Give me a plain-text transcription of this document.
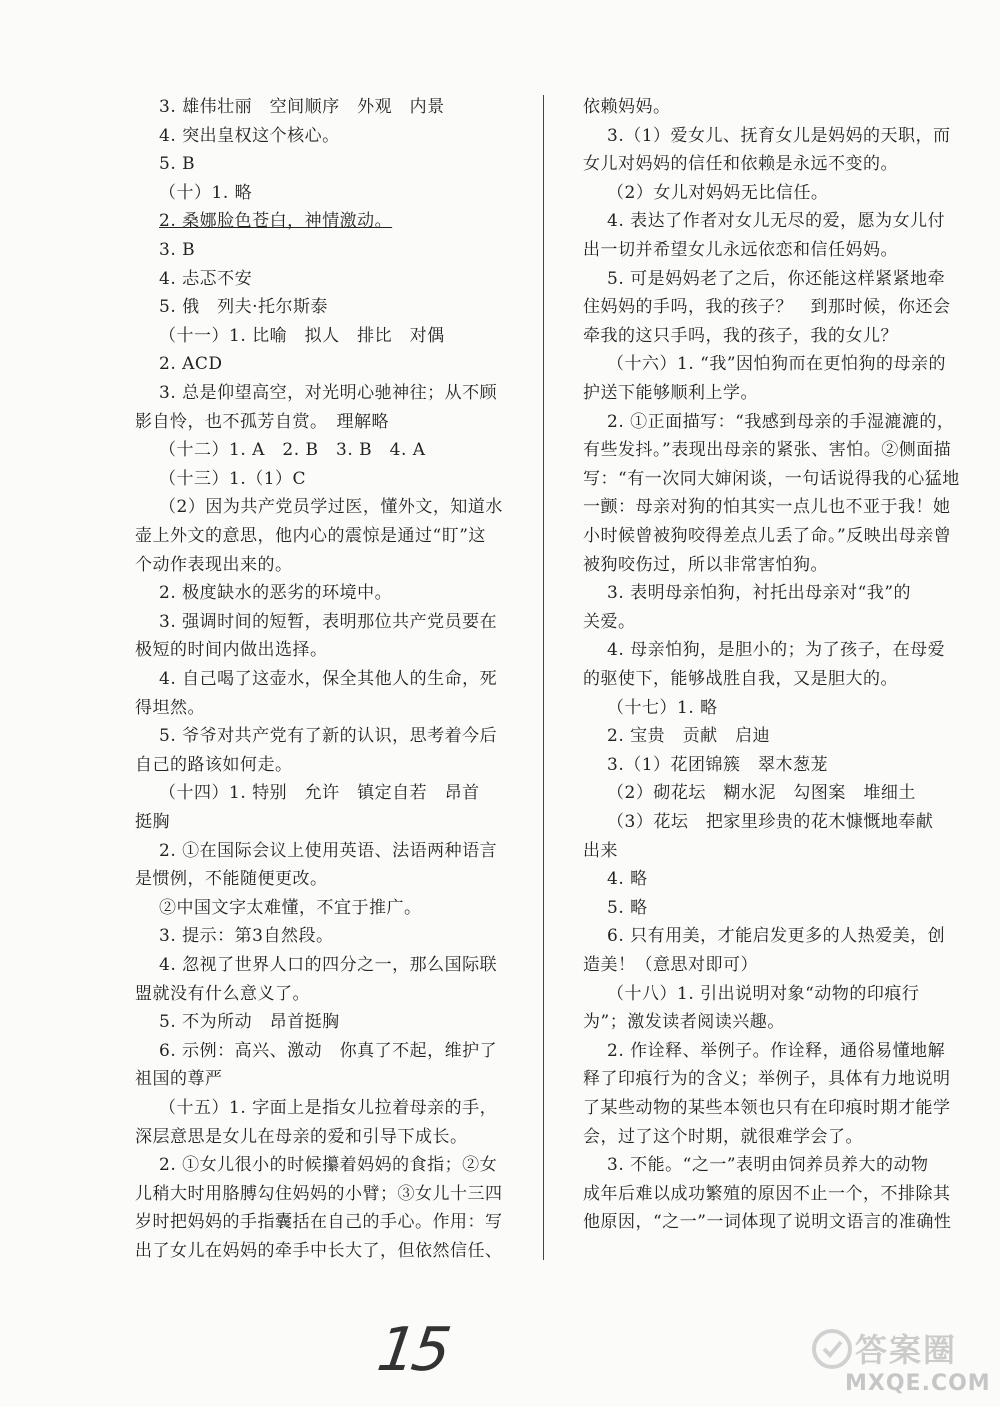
3. 雄伟壮丽　空间顺序　外观　内景
4. 突出皇权这个核心。
5. B
（十）1. 略
2. 桑娜脸色苍白，神情激动。
3. B
4. 忐忑不安
5. 俄　列夫·托尔斯泰
（十一）1. 比喻　拟人　排比　对偶
2. ACD
3. 总是仰望高空，对光明心驰神往；从不顾
影自怜，也不孤芳自赏。　理解略
（十二）1. A　2. B　3. B　4. A
（十三）1.（1）C
（2）因为共产党员学过医，懂外文，知道水
壶上外文的意思，他内心的震惊是通过“盯”这
个动作表现出来的。
2. 极度缺水的恶劣的环境中。
3. 强调时间的短暂，表明那位共产党员要在
极短的时间内做出选择。
4. 自己喝了这壶水，保全其他人的生命，死
得坦然。
5. 爷爷对共产党有了新的认识，思考着今后
自己的路该如何走。
（十四）1. 特别　允许　镇定自若　昂首
挺胸
2. ①在国际会议上使用英语、法语两种语言
是惯例，不能随便更改。
②中国文字太难懂，不宜于推广。
3. 提示：第3自然段。
4. 忽视了世界人口的四分之一，那么国际联
盟就没有什么意义了。
5. 不为所动　昂首挺胸
6. 示例：高兴、激动　你真了不起，维护了
祖国的尊严
（十五）1. 字面上是指女儿拉着母亲的手，
深层意思是女儿在母亲的爱和引导下成长。
2. ①女儿很小的时候攥着妈妈的食指；②女
儿稍大时用胳膊勾住妈妈的小臂；③女儿十三四
岁时把妈妈的手指囊括在自己的手心。作用：写
出了女儿在妈妈的牵手中长大了，但依然信任、
依赖妈妈。
3.（1）爱女儿、抚育女儿是妈妈的天职，而
女儿对妈妈的信任和依赖是永远不变的。
（2）女儿对妈妈无比信任。
4. 表达了作者对女儿无尽的爱，愿为女儿付
出一切并希望女儿永远依恋和信任妈妈。
5. 可是妈妈老了之后，你还能这样紧紧地牵
住妈妈的手吗，我的孩子？　到那时候，你还会
牵我的这只手吗，我的孩子，我的女儿？
（十六）1. “我”因怕狗而在更怕狗的母亲的
护送下能够顺利上学。
2. ①正面描写：“我感到母亲的手湿漉漉的，
有些发抖。”表现出母亲的紧张、害怕。②侧面描
写：“有一次同大婶闲谈，一句话说得我的心猛地
一颤：母亲对狗的怕其实一点儿也不亚于我！她
小时候曾被狗咬得差点儿丢了命。”反映出母亲曾
被狗咬伤过，所以非常害怕狗。
3. 表明母亲怕狗，衬托出母亲对“我”的
关爱。
4. 母亲怕狗，是胆小的；为了孩子，在母爱
的驱使下，能够战胜自我，又是胆大的。
（十七）1. 略
2. 宝贵　贡献　启迪
3.（1）花团锦簇　翠木葱茏
（2）砌花坛　糊水泥　勾图案　堆细土
（3）花坛　把家里珍贵的花木慷慨地奉献
出来
4. 略
5. 略
6. 只有用美，才能启发更多的人热爱美，创
造美！（意思对即可）
（十八）1. 引出说明对象“动物的印痕行
为”；激发读者阅读兴趣。
2. 作诠释、举例子。作诠释，通俗易懂地解
释了印痕行为的含义；举例子，具体有力地说明
了某些动物的某些本领也只有在印痕时期才能学
会，过了这个时期，就很难学会了。
3. 不能。“之一”表明由饲养员养大的动物
成年后难以成功繁殖的原因不止一个，不排除其
他原因，“之一”一词体现了说明文语言的准确性
15	答案圈
MXQE.COM
